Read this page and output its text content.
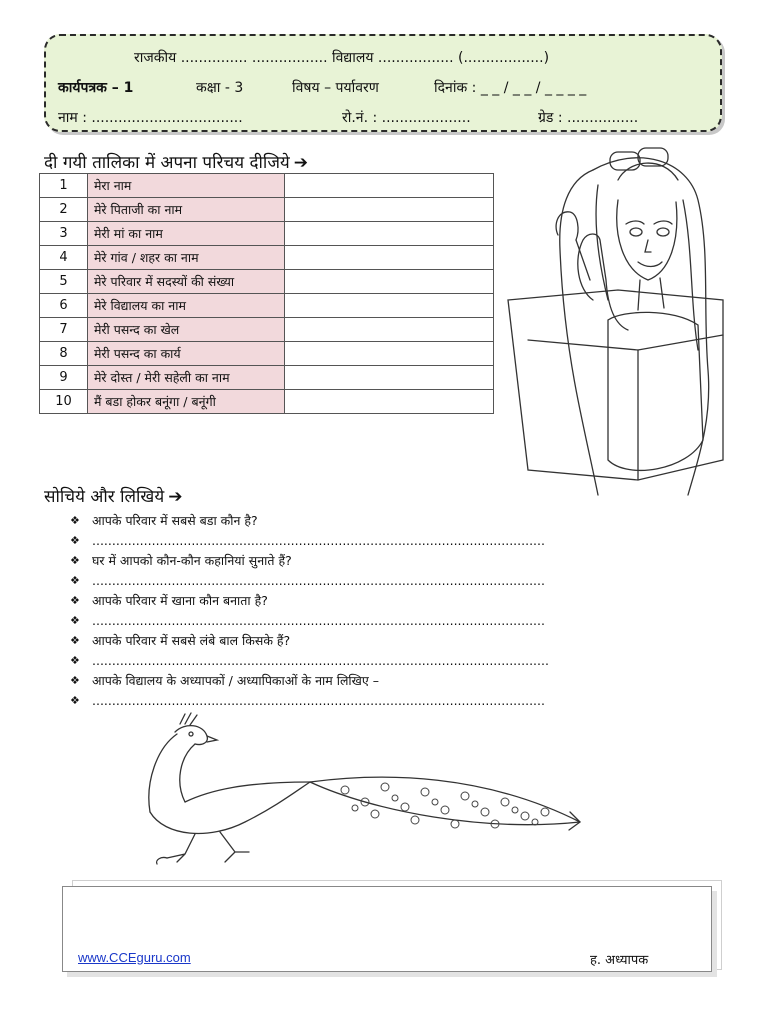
राजकीय ............... ................. विद्यालय ................. (..................)
कार्यपत्रक – 1	कक्षा - 3	विषय – पर्यावरण	दिनांक : _ _ / _ _ / _ _ _ _
नाम : ..................................	रो.नं. : ....................	ग्रेड : ................
दी गयी तालिका में अपना परिचय दीजिये ➔
1	मेरा नाम	
2	मेरे पिताजी का नाम	
3	मेरी मां का नाम	
4	मेरे गांव / शहर का नाम	
5	मेरे परिवार में सदस्यों की संख्या	
6	मेरे विद्यालय का नाम	
7	मेरी पसन्द का खेल	
8	मेरी पसन्द का कार्य	
9	मेरे दोस्त / मेरी सहेली का नाम	
10	मैं बडा होकर बनूंगा / बनूंगी	
सोचिये और लिखिये ➔
❖ आपके परिवार में सबसे बडा कौन है?
❖ ..................................................................................................................
❖ घर में आपको कौन-कौन कहानियां सुनाते हैं?
❖ ..................................................................................................................
❖ आपके परिवार में खाना कौन बनाता है?
❖ ..................................................................................................................
❖ आपके परिवार में सबसे लंबे बाल किसके हैं?
❖ ...................................................................................................................
❖ आपके विद्यालय के अध्यापकों / अध्यापिकाओं के नाम लिखिए –
❖ ..................................................................................................................
www.CCEguru.com	ह. अध्यापक
